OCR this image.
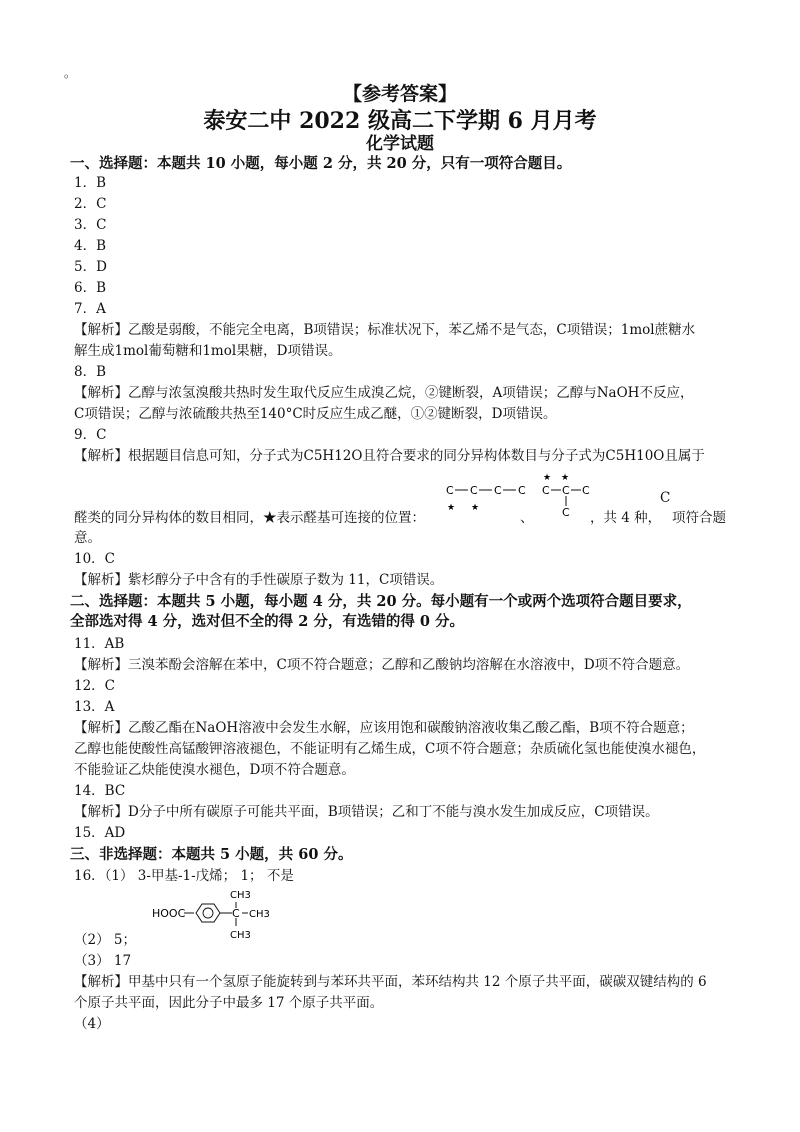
。
【参考答案】
泰安二中 2022 级高二下学期 6 月月考
化学试题
一、选择题：本题共 10 小题，每小题 2 分，共 20 分，只有一项符合题目。
1．B
2．C
3．C
4．B
5．D
6．B
7．A
【解析】乙酸是弱酸，不能完全电离，B项错误；标准状况下，苯乙烯不是气态，C项错误；1mol蔗糖水
解生成1mol葡萄糖和1mol果糖，D项错误。
8．B
【解析】乙醇与浓氢溴酸共热时发生取代反应生成溴乙烷，②键断裂，A项错误；乙醇与NaOH不反应，
C项错误；乙醇与浓硫酸共热至140°C时反应生成乙醚，①②键断裂，D项错误。
9．C
【解析】根据题目信息可知，分子式为C5H12O且符合要求的同分异构体数目与分子式为C5H10O且属于
C C C C
★ ★
★ ★
C C C
C
C
醛类的同分异构体的数目相同，★表示醛基可连接的位置：	、	，共 4 种， 项符合题
意。
10．C
【解析】紫杉醇分子中含有的手性碳原子数为 11，C项错误。
二、选择题：本题共 5 小题，每小题 4 分，共 20 分。每小题有一个或两个选项符合题目要求，
全部选对得 4 分，选对但不全的得 2 分，有选错的得 0 分。
11．AB
【解析】三溴苯酚会溶解在苯中，C项不符合题意；乙醇和乙酸钠均溶解在水溶液中，D项不符合题意。
12．C
13．A
【解析】乙酸乙酯在NaOH溶液中会发生水解，应该用饱和碳酸钠溶液收集乙酸乙酯，B项不符合题意；
乙醇也能使酸性高锰酸钾溶液褪色，不能证明有乙烯生成，C项不符合题意；杂质硫化氢也能使溴水褪色，
不能验证乙炔能使溴水褪色，D项不符合题意。
14．BC
【解析】D分子中所有碳原子可能共平面，B项错误；乙和丁不能与溴水发生加成反应，C项错误。
15．AD
三、非选择题：本题共 5 小题，共 60 分。
16．（1） 3-甲基-1-戊烯； 1； 不是
HOOC	C
CH3
CH3
CH3
（2） 5；
（3） 17
【解析】甲基中只有一个氢原子能旋转到与苯环共平面，苯环结构共 12 个原子共平面，碳碳双键结构的 6
个原子共平面，因此分子中最多 17 个原子共平面。
（4）
